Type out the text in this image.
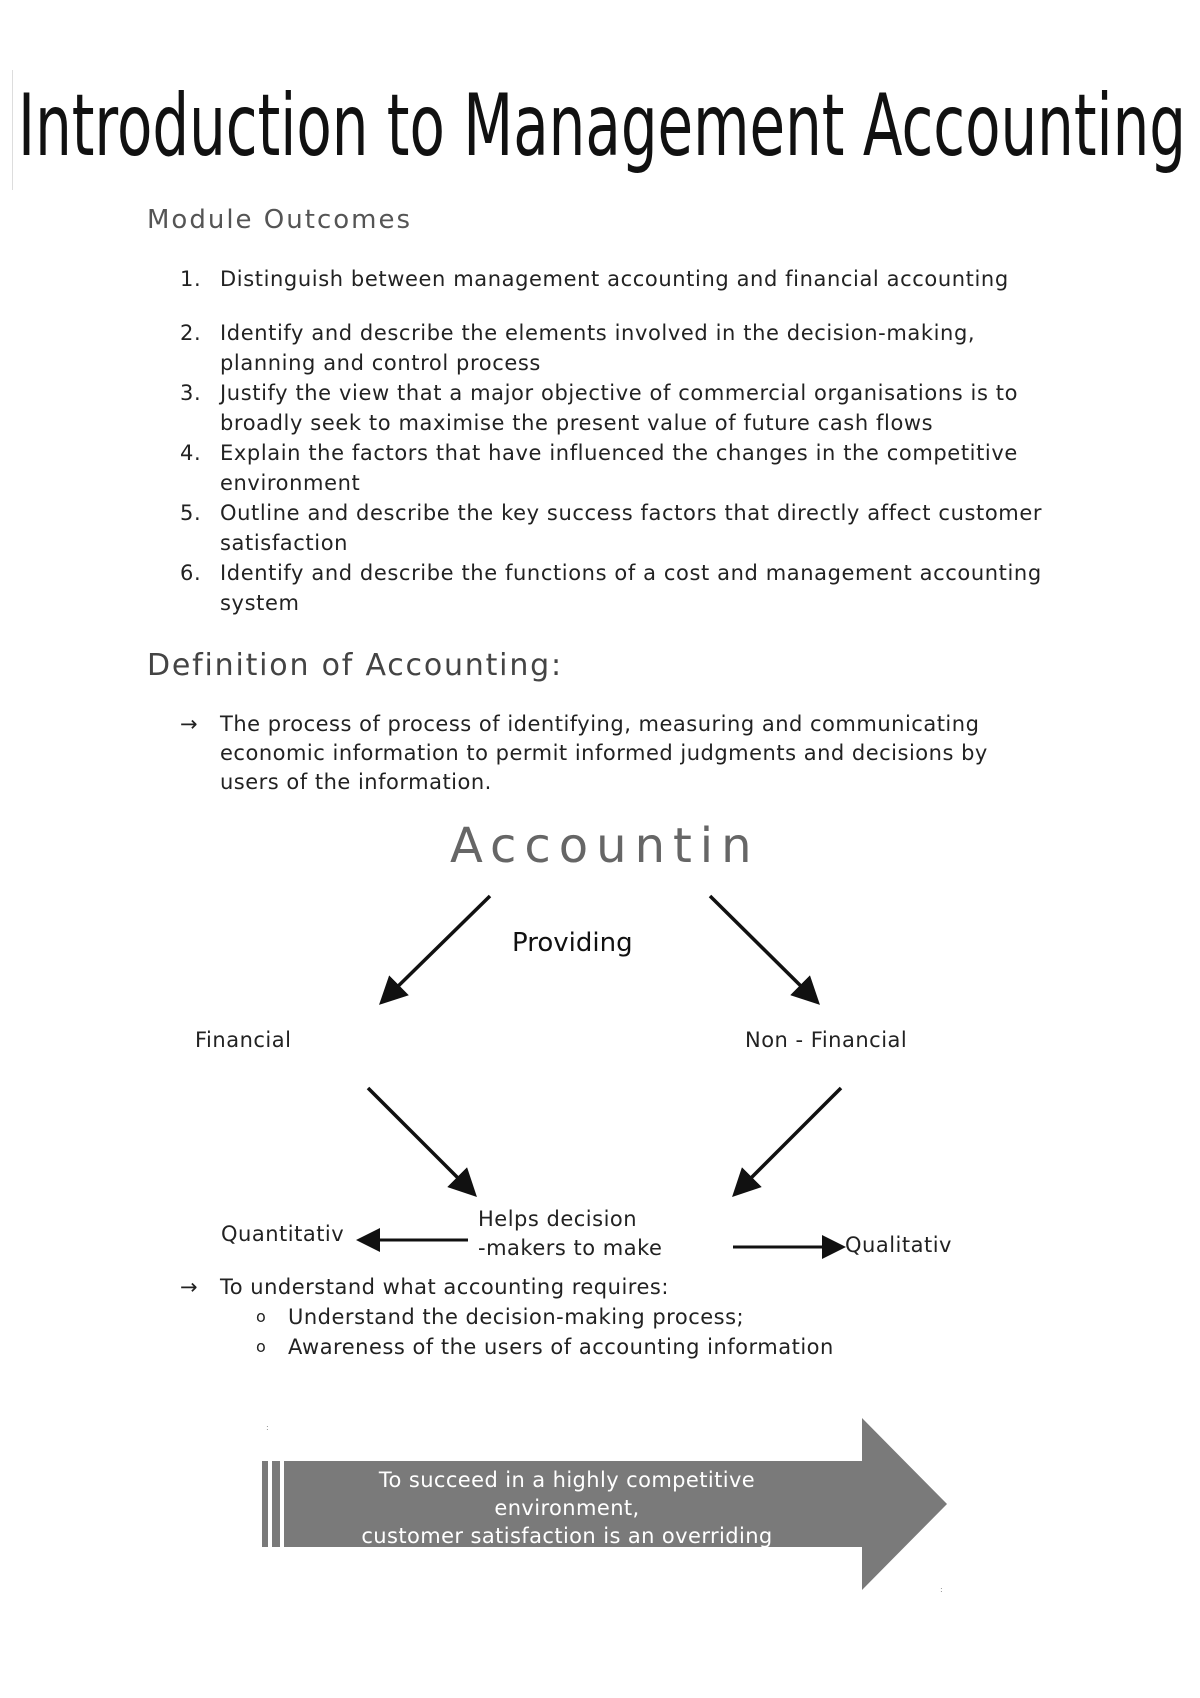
Introduction to Management Accounting
Module Outcomes
1. Distinguish between management accounting and financial accounting
2. Identify and describe the elements involved in the decision-making, planning and control process
3. Justify the view that a major objective of commercial organisations is to broadly seek to maximise the present value of future cash flows
4. Explain the factors that have influenced the changes in the competitive environment
5. Outline and describe the key success factors that directly affect customer satisfaction
6. Identify and describe the functions of a cost and management accounting system
Definition of Accounting:
→	The process of process of identifying, measuring and communicating economic information to permit informed judgments and decisions by users of the information.
Accountin
Providing
Financial	Non - Financial
Helps decision
-makers to make
Quantitativ	Qualitativ
→	To understand what accounting requires:
o	Understand the decision-making process;
o	Awareness of the users of accounting information
:
To succeed in a highly competitive environment,
customer satisfaction is an overriding priority.
:
